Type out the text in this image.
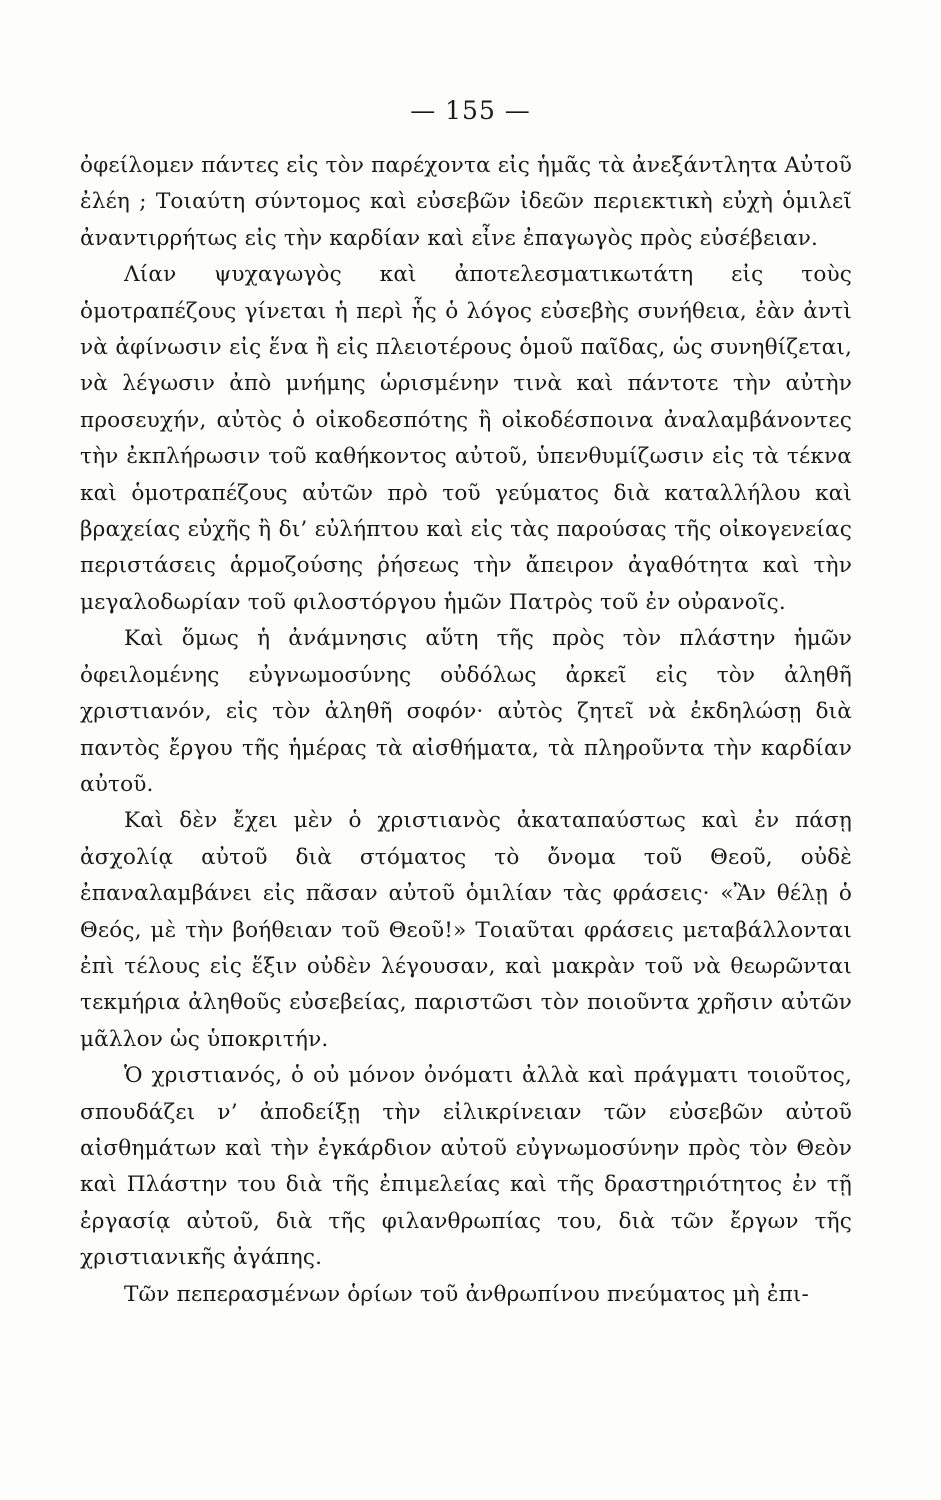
— 155 —

ὀφείλομεν πάντες εἰς τὸν παρέχοντα εἰς ἡμᾶς τὰ ἀνεξάντλητα Αὐτοῦ ἐλέη ; Τοιαύτη σύντομος καὶ εὐσεβῶν ἰδεῶν περιεκτικὴ εὐχὴ ὁμιλεῖ ἀναντιρρήτως εἰς τὴν καρδίαν καὶ εἶνε ἐπαγωγὸς πρὸς εὐσέβειαν.

Λίαν ψυχαγωγὸς καὶ ἀποτελεσματικωτάτη εἰς τοὺς ὁμοτραπέζους γίνεται ἡ περὶ ἧς ὁ λόγος εὐσεβὴς συνήθεια, ἐὰν ἀντὶ νὰ ἀφίνωσιν εἰς ἕνα ἢ εἰς πλειοτέρους ὁμοῦ παῖδας, ὡς συνηθίζεται, νὰ λέγωσιν ἀπὸ μνήμης ὡρισμένην τινὰ καὶ πάντοτε τὴν αὐτὴν προσευχήν, αὐτὸς ὁ οἰκοδεσπότης ἢ οἰκοδέσποινα ἀναλαμβάνοντες τὴν ἐκπλήρωσιν τοῦ καθήκοντος αὐτοῦ, ὑπενθυμίζωσιν εἰς τὰ τέκνα καὶ ὁμοτραπέζους αὐτῶν πρὸ τοῦ γεύματος διὰ καταλλήλου καὶ βραχείας εὐχῆς ἢ δι’ εὐλήπτου καὶ εἰς τὰς παρούσας τῆς οἰκογενείας περιστάσεις ἁρμοζούσης ῥήσεως τὴν ἄπειρον ἀγαθότητα καὶ τὴν μεγαλοδωρίαν τοῦ φιλοστόργου ἡμῶν Πατρὸς τοῦ ἐν οὐρανοῖς.

Καὶ ὅμως ἡ ἀνάμνησις αὕτη τῆς πρὸς τὸν πλάστην ἡμῶν ὀφειλομένης εὐγνωμοσύνης οὐδόλως ἀρκεῖ εἰς τὸν ἀληθῆ χριστιανόν, εἰς τὸν ἀληθῆ σοφόν· αὐτὸς ζητεῖ νὰ ἐκδηλώσῃ διὰ παντὸς ἔργου τῆς ἡμέρας τὰ αἰσθήματα, τὰ πληροῦντα τὴν καρδίαν αὐτοῦ.

Καὶ δὲν ἔχει μὲν ὁ χριστιανὸς ἀκαταπαύστως καὶ ἐν πάσῃ ἀσχολίᾳ αὐτοῦ διὰ στόματος τὸ ὄνομα τοῦ Θεοῦ, οὐδὲ ἐπαναλαμβάνει εἰς πᾶσαν αὐτοῦ ὁμιλίαν τὰς φράσεις· «Ἂν θέλῃ ὁ Θεός, μὲ τὴν βοήθειαν τοῦ Θεοῦ!» Τοιαῦται φράσεις μεταβάλλονται ἐπὶ τέλους εἰς ἕξιν οὐδὲν λέγουσαν, καὶ μακρὰν τοῦ νὰ θεωρῶνται τεκμήρια ἀληθοῦς εὐσεβείας, παριστῶσι τὸν ποιοῦντα χρῆσιν αὐτῶν μᾶλλον ὡς ὑποκριτήν.

Ὁ χριστιανός, ὁ οὐ μόνον ὀνόματι ἀλλὰ καὶ πράγματι τοιοῦτος, σπουδάζει ν’ ἀποδείξῃ τὴν εἰλικρίνειαν τῶν εὐσεβῶν αὐτοῦ αἰσθημάτων καὶ τὴν ἐγκάρδιον αὐτοῦ εὐγνωμοσύνην πρὸς τὸν Θεὸν καὶ Πλάστην του διὰ τῆς ἐπιμελείας καὶ τῆς δραστηριότητος ἐν τῇ ἐργασίᾳ αὐτοῦ, διὰ τῆς φιλανθρωπίας του, διὰ τῶν ἔργων τῆς χριστιανικῆς ἀγάπης.

Τῶν πεπερασμένων ὁρίων τοῦ ἀνθρωπίνου πνεύματος μὴ ἐπι-
